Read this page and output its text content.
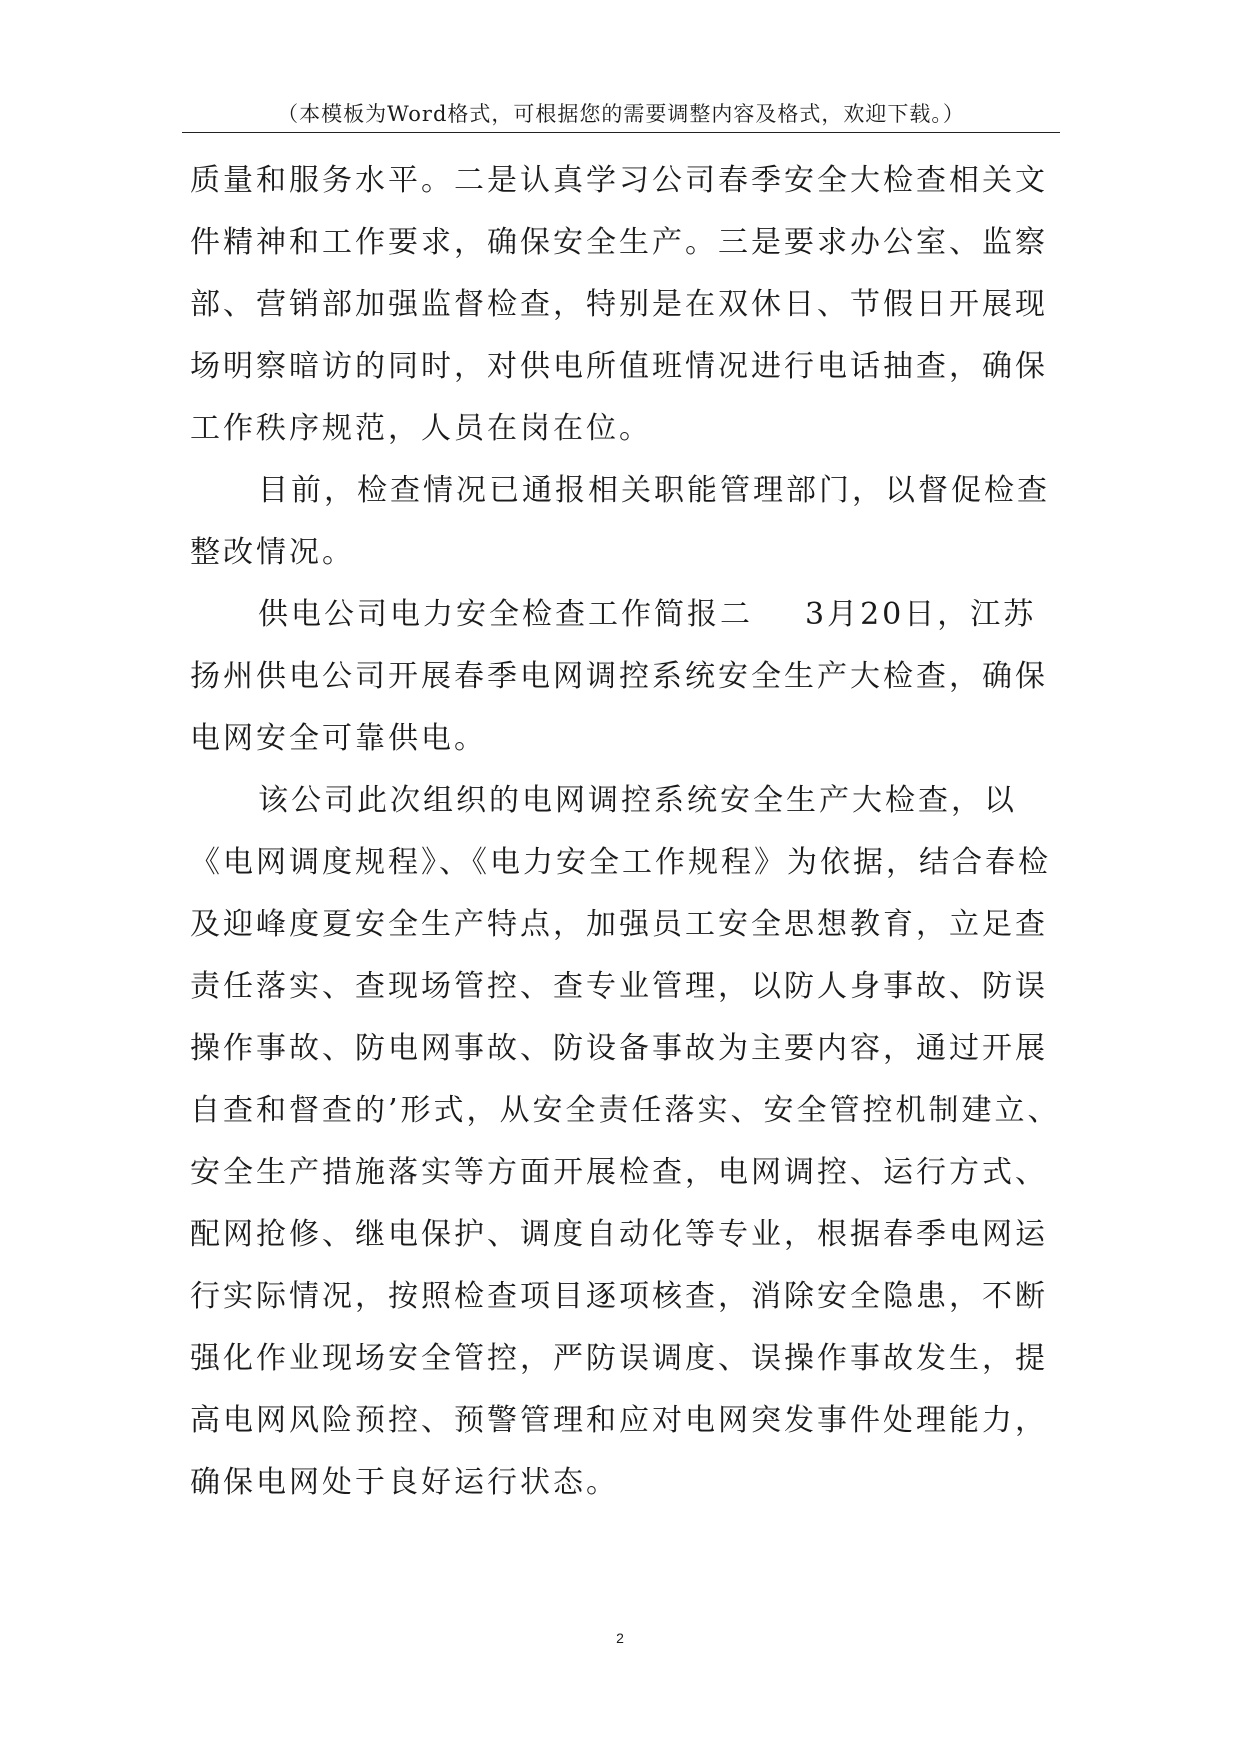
（本模板为Word格式，可根据您的需要调整内容及格式，欢迎下载。）
质量和服务水平。二是认真学习公司春季安全大检查相关文
件精神和工作要求，确保安全生产。三是要求办公室、监察
部、营销部加强监督检查，特别是在双休日、节假日开展现
场明察暗访的同时，对供电所值班情况进行电话抽查，确保
工作秩序规范，人员在岗在位。
目前，检查情况已通报相关职能管理部门，以督促检查
整改情况。
供电公司电力安全检查工作简报二 3月20日，江苏
扬州供电公司开展春季电网调控系统安全生产大检查，确保
电网安全可靠供电。
该公司此次组织的电网调控系统安全生产大检查，以
《电网调度规程》、《电力安全工作规程》为依据，结合春检
及迎峰度夏安全生产特点，加强员工安全思想教育，立足查
责任落实、查现场管控、查专业管理，以防人身事故、防误
操作事故、防电网事故、防设备事故为主要内容，通过开展
自查和督查的’形式，从安全责任落实、安全管控机制建立、
安全生产措施落实等方面开展检查，电网调控、运行方式、
配网抢修、继电保护、调度自动化等专业，根据春季电网运
行实际情况，按照检查项目逐项核查，消除安全隐患，不断
强化作业现场安全管控，严防误调度、误操作事故发生，提
高电网风险预控、预警管理和应对电网突发事件处理能力，
确保电网处于良好运行状态。
2
